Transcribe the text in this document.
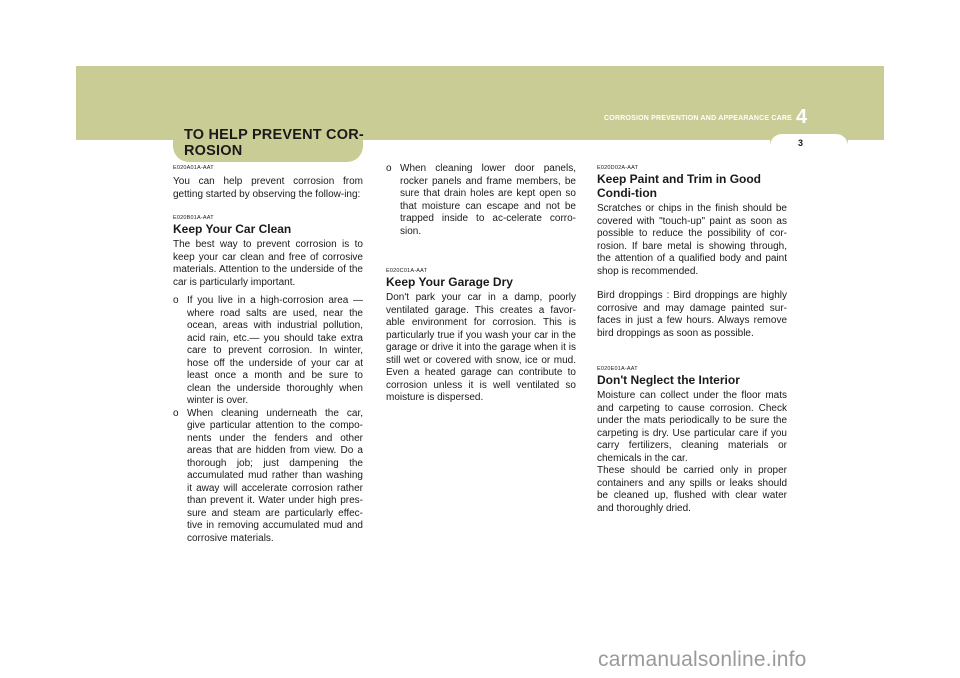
CORROSION PREVENTION AND APPEARANCE CARE 4
3
TO HELP PREVENT COR-ROSION

E020A01A-AAT

You can help prevent corrosion from getting started by observing the follow-ing:

E020B01A-AAT

Keep Your Car Clean

The best way to prevent corrosion is to keep your car clean and free of corrosive materials. Attention to the underside of the car is particularly important.

o If you live in a high-corrosion area — where road salts are used, near the ocean, areas with industrial pollution, acid rain, etc.— you should take extra care to prevent corrosion. In winter, hose off the underside of your car at least once a month and be sure to clean the underside thoroughly when winter is over.
o When cleaning underneath the car, give particular attention to the compo-nents under the fenders and other areas that are hidden from view. Do a thorough job; just dampening the accumulated mud rather than washing it away will accelerate corrosion rather than prevent it. Water under high pres-sure and steam are particularly effec-tive in removing accumulated mud and corrosive materials.
o When cleaning lower door panels, rocker panels and frame members, be sure that drain holes are kept open so that moisture can escape and not be trapped inside to ac-celerate corro-sion.

E020C01A-AAT

Keep Your Garage Dry

Don't park your car in a damp, poorly ventilated garage. This creates a favor-able environment for corrosion. This is particularly true if you wash your car in the garage or drive it into the garage when it is still wet or covered with snow, ice or mud. Even a heated garage can contribute to corrosion unless it is well ventilated so moisture is dispersed.

E020D02A-AAT

Keep Paint and Trim in Good Condi-tion

Scratches or chips in the finish should be covered with "touch-up" paint as soon as possible to reduce the possibility of cor-rosion. If bare metal is showing through, the attention of a qualified body and paint shop is recommended.

Bird droppings : Bird droppings are highly corrosive and may damage painted sur-faces in just a few hours. Always remove bird droppings as soon as possible.

E020E01A-AAT

Don't Neglect the Interior

Moisture can collect under the floor mats and carpeting to cause corrosion. Check under the mats periodically to be sure the carpeting is dry. Use particular care if you carry fertilizers, cleaning materials or chemicals in the car.

These should be carried only in proper containers and any spills or leaks should be cleaned up, flushed with clear water and thoroughly dried.

carmanualsonline.info
